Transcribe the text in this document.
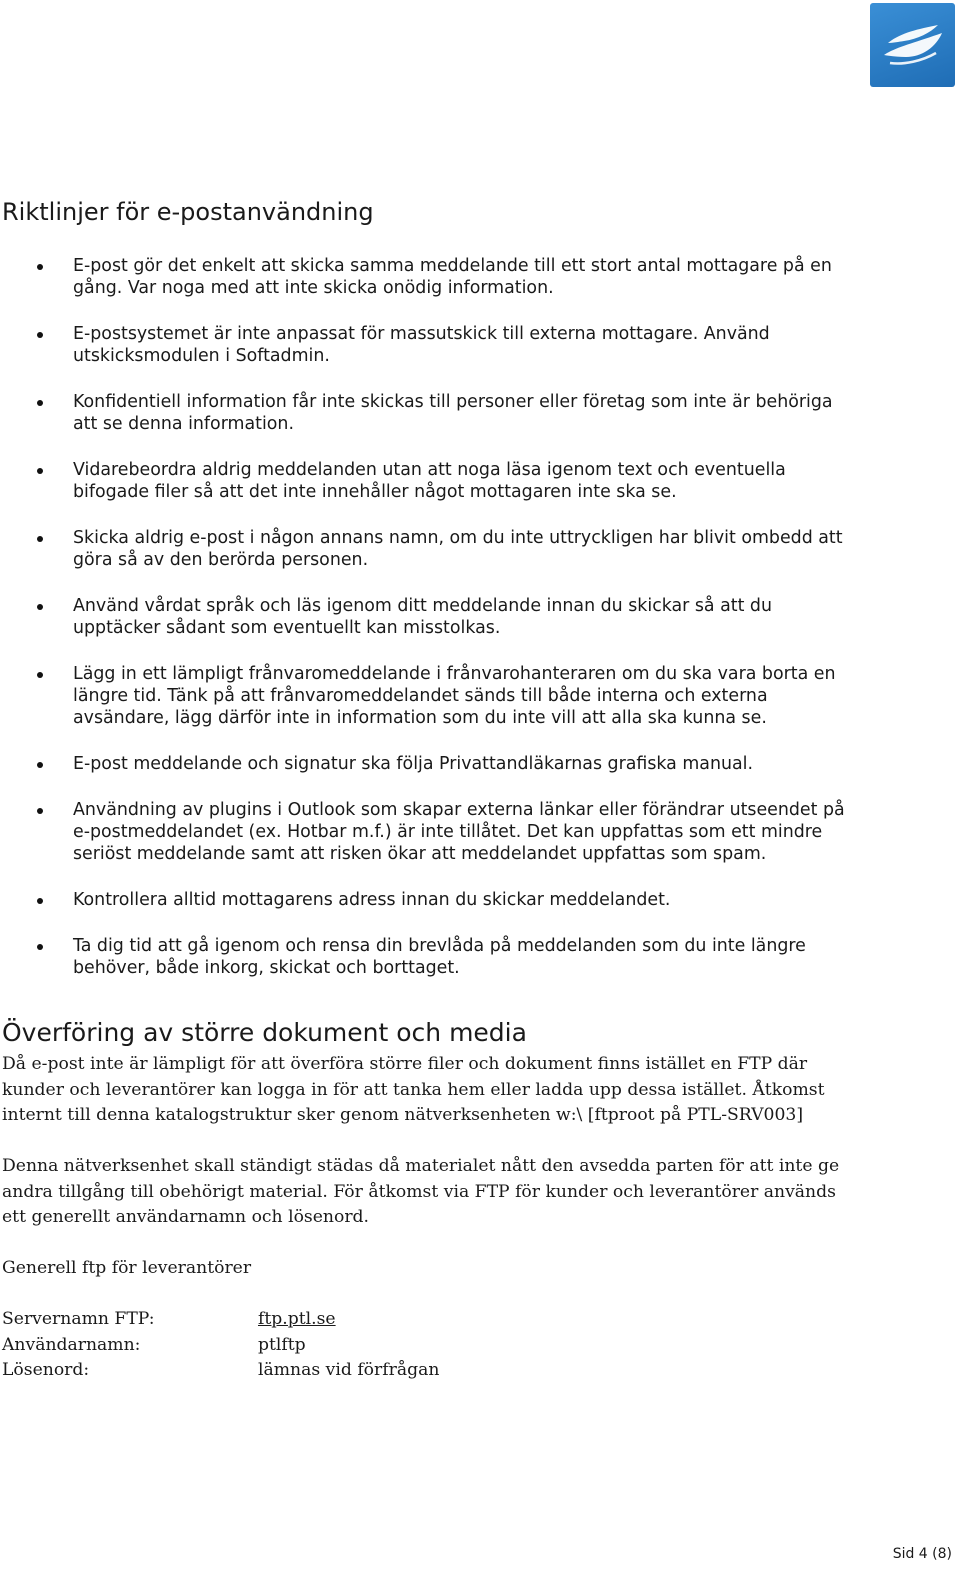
Riktlinjer för e-postanvändning
E-post gör det enkelt att skicka samma meddelande till ett stort antal mottagare på en gång. Var noga med att inte skicka onödig information.
E-postsystemet är inte anpassat för massutskick till externa mottagare. Använd utskicksmodulen i Softadmin.
Konfidentiell information får inte skickas till personer eller företag som inte är behöriga att se denna information.
Vidarebeordra aldrig meddelanden utan att noga läsa igenom text och eventuella bifogade filer så att det inte innehåller något mottagaren inte ska se.
Skicka aldrig e-post i någon annans namn, om du inte uttryckligen har blivit ombedd att göra så av den berörda personen.
Använd vårdat språk och läs igenom ditt meddelande innan du skickar så att du upptäcker sådant som eventuellt kan misstolkas.
Lägg in ett lämpligt frånvaromeddelande i frånvarohanteraren om du ska vara borta en längre tid. Tänk på att frånvaromeddelandet sänds till både interna och externa avsändare, lägg därför inte in information som du inte vill att alla ska kunna se.
E-post meddelande och signatur ska följa Privattandläkarnas grafiska manual.
Användning av plugins i Outlook som skapar externa länkar eller förändrar utseendet på e-postmeddelandet (ex. Hotbar m.f.) är inte tillåtet. Det kan uppfattas som ett mindre seriöst meddelande samt att risken ökar att meddelandet uppfattas som spam.
Kontrollera alltid mottagarens adress innan du skickar meddelandet.
Ta dig tid att gå igenom och rensa din brevlåda på meddelanden som du inte längre behöver, både inkorg, skickat och borttaget.
Överföring av större dokument och media

Då e-post inte är lämpligt för att överföra större filer och dokument finns istället en FTP där kunder och leverantörer kan logga in för att tanka hem eller ladda upp dessa istället. Åtkomst internt till denna katalogstruktur sker genom nätverksenheten w:\ [ftproot på PTL-SRV003]

Denna nätverksenhet skall ständigt städas då materialet nått den avsedda parten för att inte ge andra tillgång till obehörigt material. För åtkomst via FTP för kunder och leverantörer används ett generellt användarnamn och lösenord.

Generell ftp för leverantörer

Servernamn FTP:	ftp.ptl.se
Användarnamn:	ptlftp
Lösenord:	lämnas vid förfrågan
Sid 4 (8)
